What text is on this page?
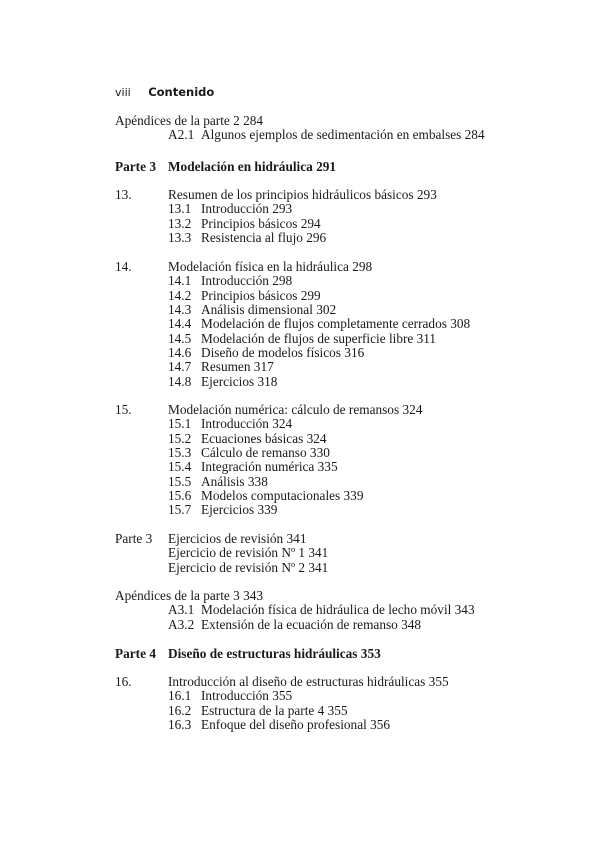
viii Contenido
Apéndices de la parte 2 284
A2.1 Algunos ejemplos de sedimentación en embalses 284
Parte 3 Modelación en hidráulica 291
13.	Resumen de los principios hidráulicos básicos 293
13.1 Introducción 293
13.2 Principios básicos 294
13.3 Resistencia al flujo 296
14.	Modelación física en la hidráulica 298
14.1 Introducción 298
14.2 Principios básicos 299
14.3 Análisis dimensional 302
14.4 Modelación de flujos completamente cerrados 308
14.5 Modelación de flujos de superficie libre 311
14.6 Diseño de modelos físicos 316
14.7 Resumen 317
14.8 Ejercicios 318
15.	Modelación numérica: cálculo de remansos 324
15.1 Introducción 324
15.2 Ecuaciones básicas 324
15.3 Cálculo de remanso 330
15.4 Integración numérica 335
15.5 Análisis 338
15.6 Modelos computacionales 339
15.7 Ejercicios 339
Parte 3 Ejercicios de revisión 341
Ejercicio de revisión Nº 1 341
Ejercicio de revisión Nº 2 341
Apéndices de la parte 3 343
A3.1 Modelación física de hidráulica de lecho móvil 343
A3.2 Extensión de la ecuación de remanso 348
Parte 4 Diseño de estructuras hidráulicas 353
16.	Introducción al diseño de estructuras hidráulicas 355
16.1 Introducción 355
16.2 Estructura de la parte 4 355
16.3 Enfoque del diseño profesional 356
